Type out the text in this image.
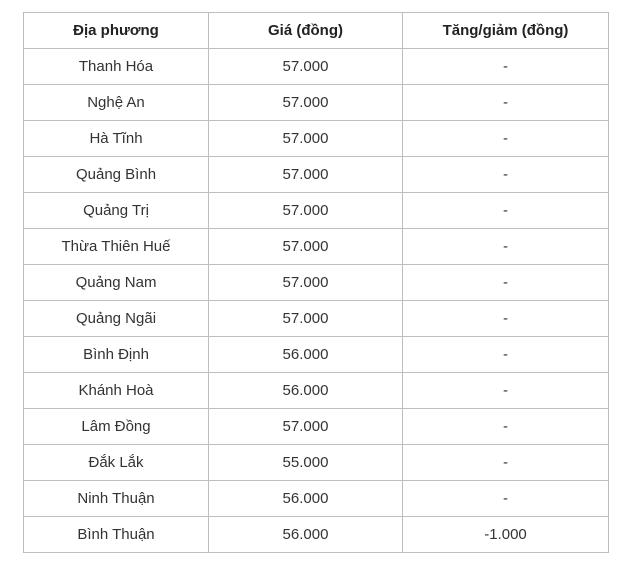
Địa phương	Giá (đồng)	Tăng/giảm (đồng)
Thanh Hóa	57.000	-
Nghệ An	57.000	-
Hà Tĩnh	57.000	-
Quảng Bình	57.000	-
Quảng Trị	57.000	-
Thừa Thiên Huế	57.000	-
Quảng Nam	57.000	-
Quảng Ngãi	57.000	-
Bình Định	56.000	-
Khánh Hoà	56.000	-
Lâm Đồng	57.000	-
Đắk Lắk	55.000	-
Ninh Thuận	56.000	-
Bình Thuận	56.000	-1.000
